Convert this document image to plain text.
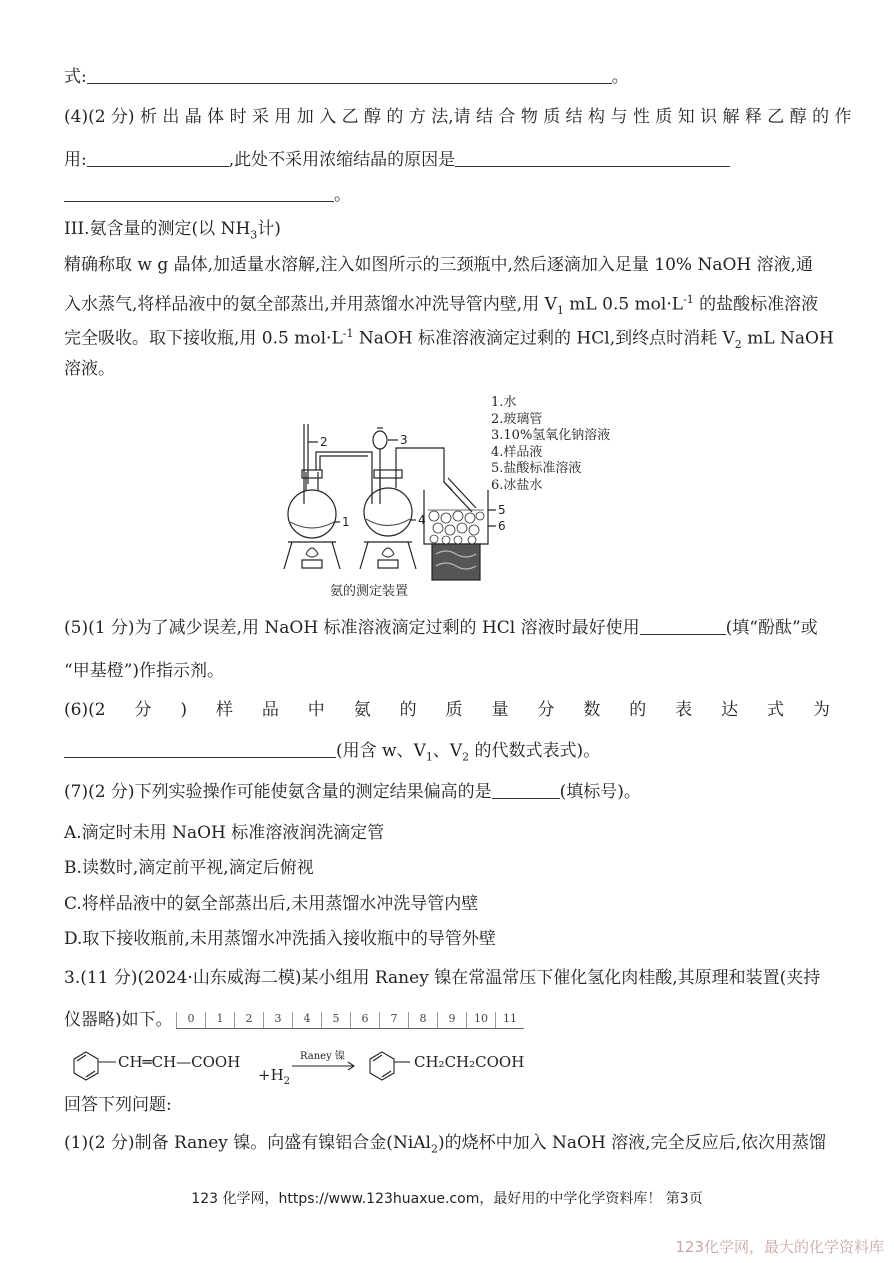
式:	。
(4)(2 分) 析 出 晶 体 时 采 用 加 入 乙 醇 的 方 法,请 结 合 物 质 结 构 与 性 质 知 识 解 释 乙 醇 的 作
用:	,此处不采用浓缩结晶的原因是
。
III.氨含量的测定(以 $NH_3$计)
精确称取 w g 晶体,加适量水溶解,注入如图所示的三颈瓶中,然后逐滴加入足量 10% NaOH 溶液,通
入水蒸气,将样品液中的氨全部蒸出,并用蒸馏水冲洗导管内壁,用 $V_1$ mL 0.5 $mol\cdot L^{-1}$ 的盐酸标准溶液
完全吸收。取下接收瓶,用 0.5 $mol\cdot L^{-1}$ NaOH 标准溶液滴定过剩的 HCl,到终点时消耗 $V_2$ mL NaOH
溶液。
2	3
1	4
5
6
1.水
2.玻璃管
3.10%氢氧化钠溶液
4.样品液
5.盐酸标准溶液
6.冰盐水
氨的测定装置
(5)(1 分)为了减少误差,用 NaOH 标准溶液滴定过剩的 HCl 溶液时最好使用	(填“酚酞”或
“甲基橙”)作指示剂。
(6)(2 分 ) 样 品 中 氨 的 质 量 分 数 的 表 达 式 为
(用含 w、$V_1$、$V_2$ 的代数式表式)。
(7)(2 分)下列实验操作可能使氨含量的测定结果偏高的是	(填标号)。
A.滴定时未用 NaOH 标准溶液润洗滴定管
B.读数时,滴定前平视,滴定后俯视
C.将样品液中的氨全部蒸出后,未用蒸馏水冲洗导管内壁
D.取下接收瓶前,未用蒸馏水冲洗插入接收瓶中的导管外壁
3.(11 分)(2024·山东威海二模)某小组用 Raney 镍在常温常压下催化氢化肉桂酸,其原理和装置(夹持
仪器略)如下。	0	1	2	3	4	5	6	7	8	9	10	11
CH═CH—COOH
$+H_2$
Raney 镍	CH₂CH₂COOH
回答下列问题:
(1)(2 分)制备 Raney 镍。向盛有镍铝合金(NiAl$_2$)的烧杯中加入 NaOH 溶液,完全反应后,依次用蒸馏
123 化学网，https://www.123huaxue.com，最好用的中学化学资料库！ 第3页
123化学网，最大的化学资料库
